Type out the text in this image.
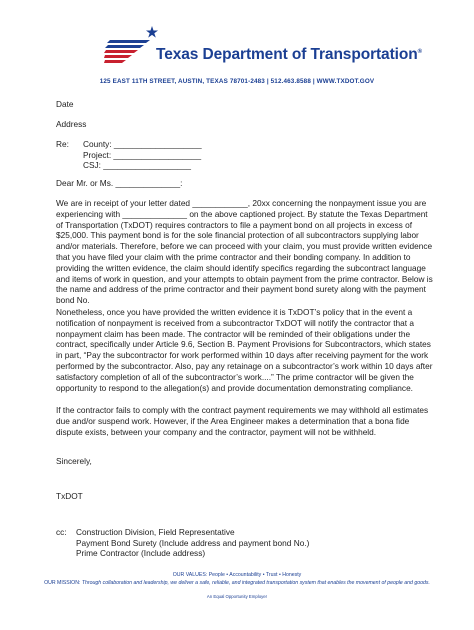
Texas Department of Transportation®
125 EAST 11TH STREET, AUSTIN, TEXAS 78701-2483 | 512.463.8588 | WWW.TXDOT.GOV
Date
Address
Re: County: ___________________
Project: ___________________
CSJ: ___________________
Dear Mr. or Ms. ______________:
We are in receipt of your letter dated ____________, 20xx concerning the nonpayment issue you are experiencing with ______________ on the above captioned project. By statute the Texas Department of Transportation (TxDOT) requires contractors to file a payment bond on all projects in excess of $25,000. This payment bond is for the sole financial protection of all subcontractors supplying labor and/or materials. Therefore, before we can proceed with your claim, you must provide written evidence that you have filed your claim with the prime contractor and their bonding company. In addition to providing the written evidence, the claim should identify specifics regarding the subcontract language and items of work in question, and your attempts to obtain payment from the prime contractor. Below is the name and address of the prime contractor and their payment bond surety along with the payment bond No.
Nonetheless, once you have provided the written evidence it is TxDOT’s policy that in the event a notification of nonpayment is received from a subcontractor TxDOT will notify the contractor that a nonpayment claim has been made. The contractor will be reminded of their obligations under the contract, specifically under Article 9.6, Section B. Payment Provisions for Subcontractors, which states in part, “Pay the subcontractor for work performed within 10 days after receiving payment for the work performed by the subcontractor. Also, pay any retainage on a subcontractor’s work within 10 days after satisfactory completion of all of the subcontractor’s work....” The prime contractor will be given the opportunity to respond to the allegation(s) and provide documentation demonstrating compliance.
If the contractor fails to comply with the contract payment requirements we may withhold all estimates due and/or suspend work. However, if the Area Engineer makes a determination that a bona fide dispute exists, between your company and the contractor, payment will not be withheld.
Sincerely,
TxDOT
cc: Construction Division, Field Representative
Payment Bond Surety (Include address and payment bond No.)
Prime Contractor (Include address)
OUR VALUES: People • Accountability • Trust • Honesty
OUR MISSION: Through collaboration and leadership, we deliver a safe, reliable, and integrated transportation system that enables the movement of people and goods.
An Equal Opportunity Employer
